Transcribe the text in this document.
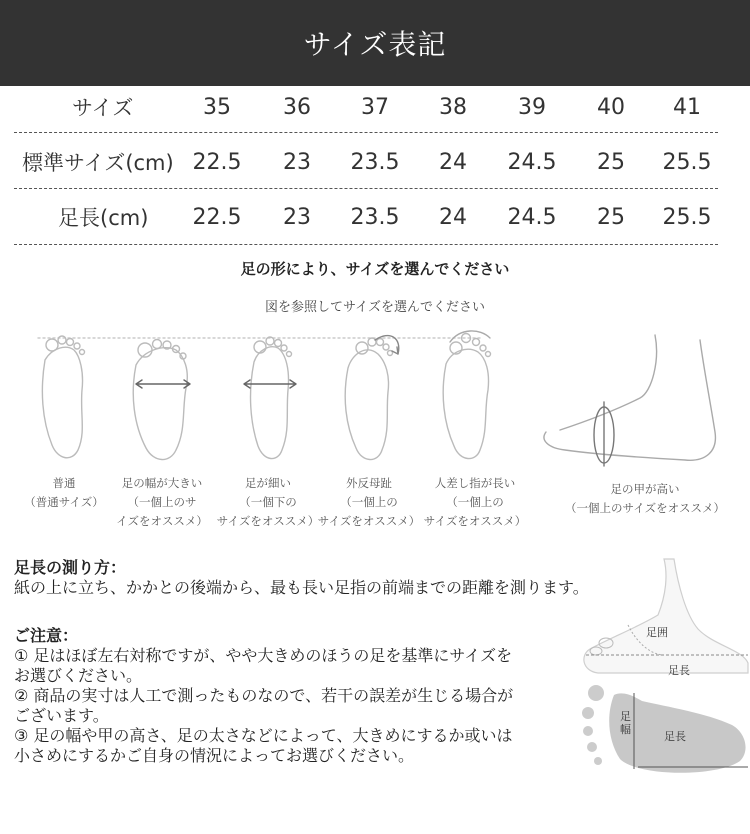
サイズ表記
サイズ	35	36	37	38	39	40	41
標準サイズ(cm) 22.5	23	23.5	24	24.5	25	25.5
足長(cm) 22.5	23	23.5	24	24.5	25	25.5
足の形により、サイズを選んでください
図を参照してサイズを選んでください
普通
（普通サイズ）
足の幅が大きい
（一個上のサ
イズをオススメ）
足が細い
（一個下の
サイズをオススメ）
外反母趾
（一個上の
サイズをオススメ）
人差し指が長い
（一個上の
サイズをオススメ）
足の甲が高い
（一個上のサイズをオススメ）

足長の測り方：

紙の上に立ち、かかとの後端から、最も長い足指の前端までの距離を測ります。

ご注意：

① 足はほぼ左右対称ですが、やや大きめのほうの足を基準にサイズを

お選びください。

② 商品の実寸は人工で測ったものなので、若干の誤差が生じる場合が

ございます。

③ 足の幅や甲の高さ、足の太さなどによって、大きめにするか或いは

小さめにするかご自身の情況によってお選びください。

足囲
足長
足幅
足長
